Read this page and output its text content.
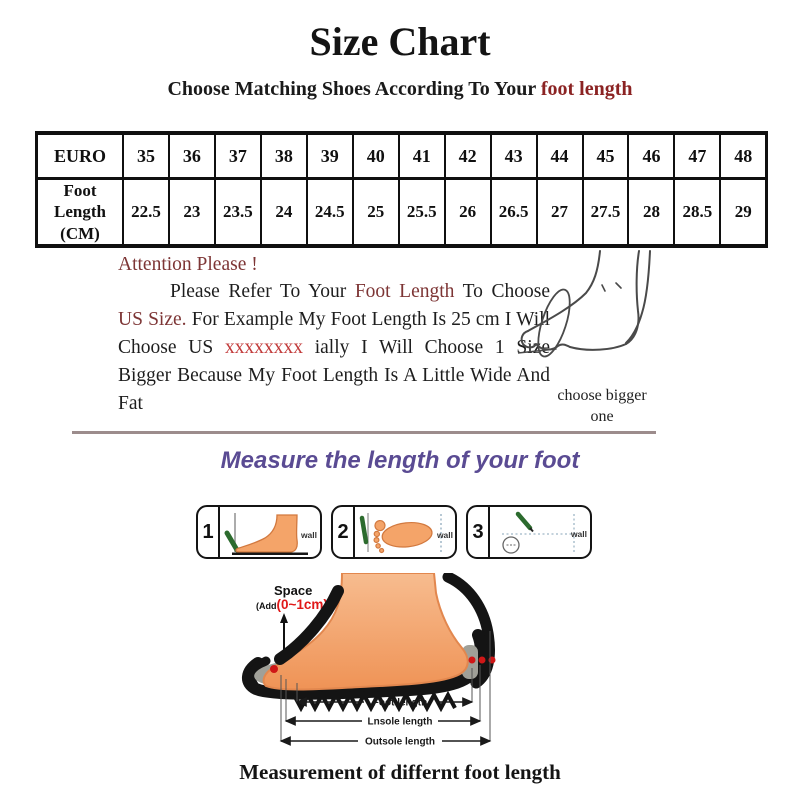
Size Chart
Choose Matching Shoes According To Your foot length
EURO	35	36	37	38	39	40	41	42	43	44	45	46	47	48
Foot
Length
(CM)	22.5	23	23.5	24	24.5	25	25.5	26	26.5	27	27.5	28	28.5	29
Attention Please !

Please Refer To Your Foot Length To Choose US Size. For Example My Foot Length Is 25 cm I Will Choose US xxxxxxxx ially I Will Choose 1 Size Bigger Because My Foot Length Is A Little Wide And Fat	choose bigger one
Measure the length of your foot
1	wall 2	wall 3	wall
Space
(Add(0~1cm)
Foot length
Lnsole length
Outsole length
Measurement of differnt foot length
